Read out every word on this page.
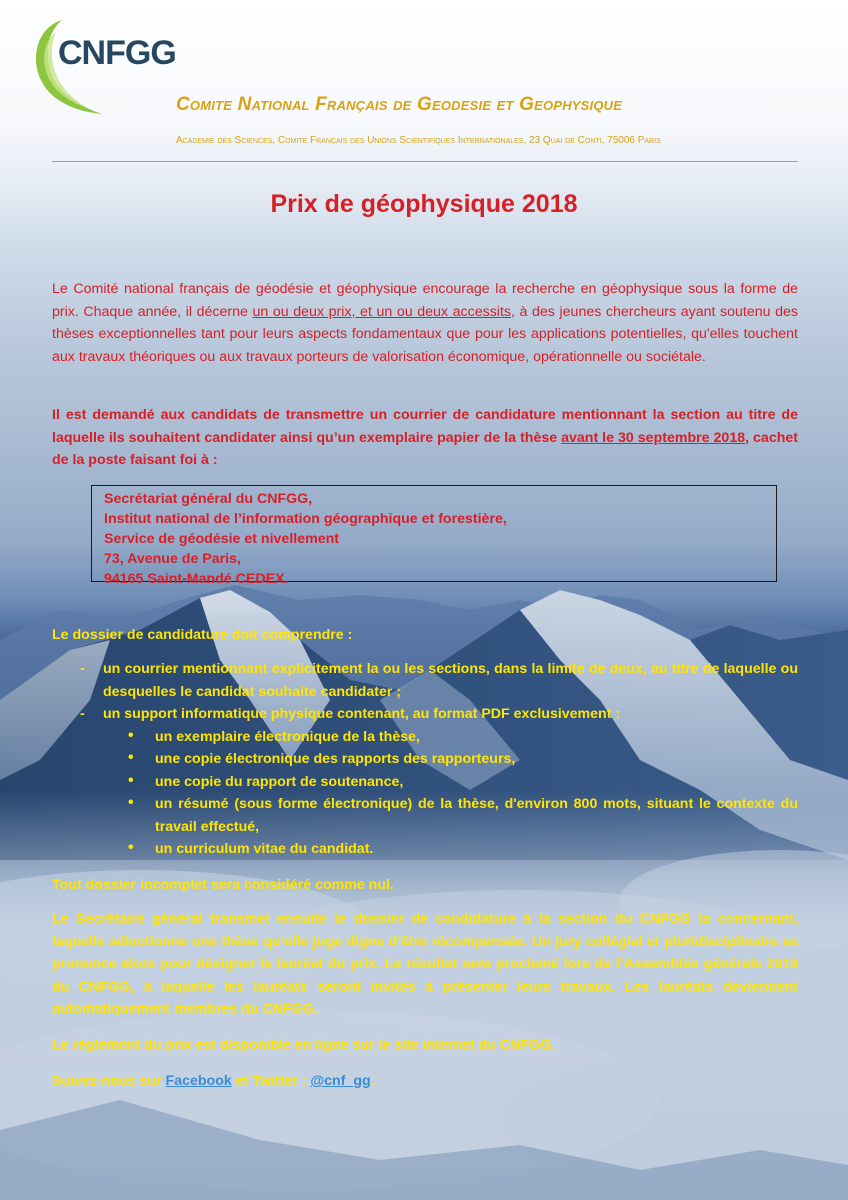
CNFGG
Comite National Français de Geodesie et Geophysique
Academie des Sciences, Comite Français des Unions Scientifiques Internationales, 23 Quai de Conti, 75006 Paris
Prix de géophysique 2018
Le Comité national français de géodésie et géophysique encourage la recherche en géophysique sous la forme de prix. Chaque année, il décerne un ou deux prix, et un ou deux accessits, à des jeunes chercheurs ayant soutenu des thèses exceptionnelles tant pour leurs aspects fondamentaux que pour les applications potentielles, qu'elles touchent aux travaux théoriques ou aux travaux porteurs de valorisation économique, opérationnelle ou sociétale.
Il est demandé aux candidats de transmettre un courrier de candidature mentionnant la section au titre de laquelle ils souhaitent candidater ainsi qu’un exemplaire papier de la thèse avant le 30 septembre 2018, cachet de la poste faisant foi à :
Secrétariat général du CNFGG,
Institut national de l’information géographique et forestière,
Service de géodésie et nivellement
73, Avenue de Paris,
94165 Saint-Mandé CEDEX.
Le dossier de candidature doit comprendre :
- un courrier mentionnant explicitement la ou les sections, dans la limite de deux, au titre de laquelle ou desquelles le candidat souhaite candidater ;
- un support informatique physique contenant, au format PDF exclusivement :
• un exemplaire électronique de la thèse,
• une copie électronique des rapports des rapporteurs,
• une copie du rapport de soutenance,
• un résumé (sous forme électronique) de la thèse, d'environ 800 mots, situant le contexte du travail effectué,
• un curriculum vitae du candidat.
Tout dossier incomplet sera considéré comme nul.
Le Secrétaire général transmet ensuite le dossier de candidature à la section du CNFGG la concernant, laquelle sélectionne une thèse qu’elle juge digne d’être récompensée. Un jury collégial et pluridisciplinaire se prononce alors pour désigner le lauréat du prix. Le résultat sera proclamé lors de l’Assemblée générale 2019 du CNFGG, à laquelle les lauréats seront invités à présenter leurs travaux. Les lauréats deviennent automatiquement membres du CNFGG.
Le règlement du prix est disponible en ligne sur le site internet du CNFGG.
Suivez-nous sur Facebook et Twitter : @cnf_gg.
